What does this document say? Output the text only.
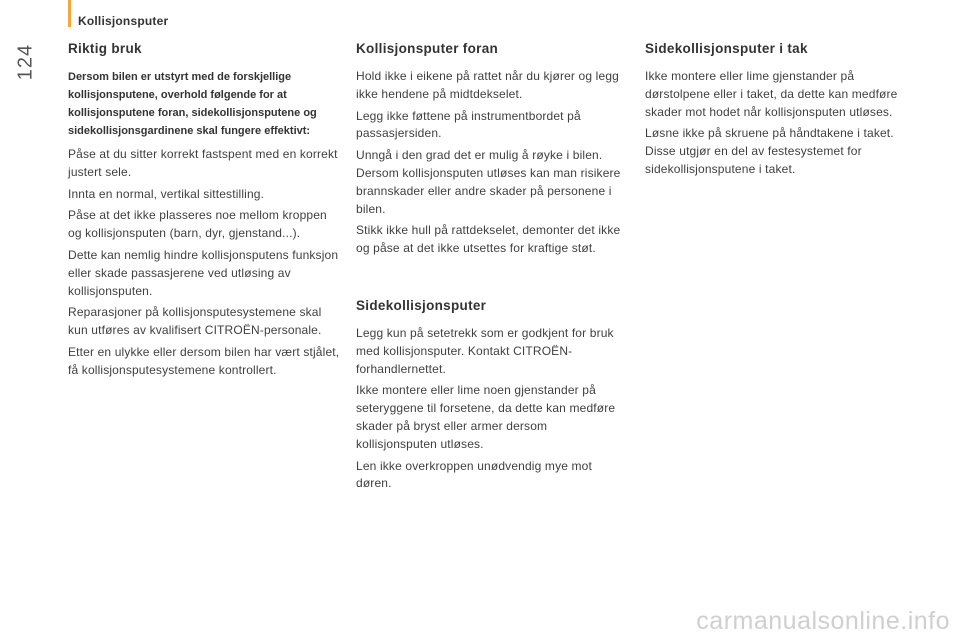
Kollisjonsputer
124 Riktig bruk

Dersom bilen er utstyrt med de forskjellige kollisjonsputene, overhold følgende for at kollisjonsputene foran, sidekollisjonsputene og sidekollisjonsgardinene skal fungere effektivt:

Påse at du sitter korrekt fastspent med en korrekt justert sele.

Innta en normal, vertikal sittestilling.

Påse at det ikke plasseres noe mellom kroppen og kollisjonsputen (barn, dyr, gjenstand...).

Dette kan nemlig hindre kollisjonsputens funksjon eller skade passasjerene ved utløsing av kollisjonsputen.

Reparasjoner på kollisjonsputesystemene skal kun utføres av kvalifisert CITROËN-personale.

Etter en ulykke eller dersom bilen har vært stjålet, få kollisjonsputesystemene kontrollert.

Kollisjonsputer foran

Hold ikke i eikene på rattet når du kjører og legg ikke hendene på midtdekselet.

Legg ikke føttene på instrumentbordet på passasjersiden.

Unngå i den grad det er mulig å røyke i bilen. Dersom kollisjonsputen utløses kan man risikere brannskader eller andre skader på personene i bilen.

Stikk ikke hull på rattdekselet, demonter det ikke og påse at det ikke utsettes for kraftige støt.

Sidekollisjonsputer

Legg kun på setetrekk som er godkjent for bruk med kollisjonsputer. Kontakt CITROËN-forhandlernettet.

Ikke montere eller lime noen gjenstander på seteryggene til forsetene, da dette kan medføre skader på bryst eller armer dersom kollisjonsputen utløses.

Len ikke overkroppen unødvendig mye mot døren.

Sidekollisjonsputer i tak

Ikke montere eller lime gjenstander på dørstolpene eller i taket, da dette kan medføre skader mot hodet når kollisjonsputen utløses.

Løsne ikke på skruene på håndtakene i taket. Disse utgjør en del av festesystemet for sidekollisjonsputene i taket.

carmanualsonline.info
